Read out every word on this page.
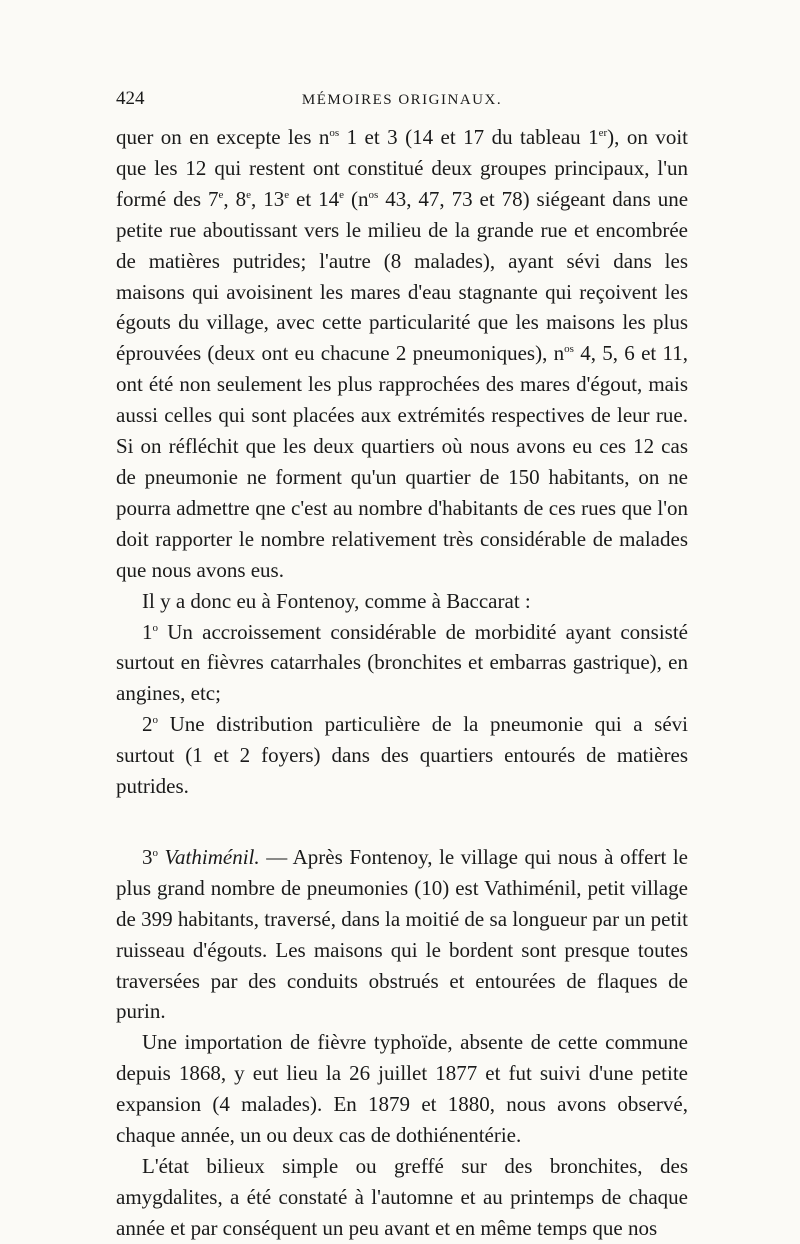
424	MÉMOIRES ORIGINAUX.

quer on en excepte les $n^{os}$ 1 et 3 (14 et 17 du tableau 1er), on voit que les 12 qui restent ont constitué deux groupes principaux, l'un formé des 7e, 8e, 13e et 14e ($n^{os}$ 43, 47, 73 et 78) siégeant dans une petite rue aboutissant vers le milieu de la grande rue et encombrée de matières putrides; l'autre (8 malades), ayant sévi dans les maisons qui avoisinent les mares d'eau stagnante qui reçoivent les égouts du village, avec cette particularité que les maisons les plus éprouvées (deux ont eu chacune 2 pneumoniques), $n^{os}$ 4, 5, 6 et 11, ont été non seulement les plus rapprochées des mares d'égout, mais aussi celles qui sont placées aux extrémités respectives de leur rue. Si on réfléchit que les deux quartiers où nous avons eu ces 12 cas de pneumonie ne forment qu'un quartier de 150 habitants, on ne pourra admettre qne c'est au nombre d'habitants de ces rues que l'on doit rapporter le nombre relativement très considérable de malades que nous avons eus.

Il y a donc eu à Fontenoy, comme à Baccarat :

1$^o$ Un accroissement considérable de morbidité ayant consisté surtout en fièvres catarrhales (bronchites et embarras gastrique), en angines, etc;

2$^o$ Une distribution particulière de la pneumonie qui a sévi surtout (1 et 2 foyers) dans des quartiers entourés de matières putrides.

3$^o$ Vathiménil. — Après Fontenoy, le village qui nous à offert le plus grand nombre de pneumonies (10) est Vathiménil, petit village de 399 habitants, traversé, dans la moitié de sa longueur par un petit ruisseau d'égouts. Les maisons qui le bordent sont presque toutes traversées par des conduits obstrués et entourées de flaques de purin.

Une importation de fièvre typhoïde, absente de cette commune depuis 1868, y eut lieu la 26 juillet 1877 et fut suivi d'une petite expansion (4 malades). En 1879 et 1880, nous avons observé, chaque année, un ou deux cas de dothiénentérie.

L'état bilieux simple ou greffé sur des bronchites, des amygdalites, a été constaté à l'automne et au printemps de chaque année et par conséquent un peu avant et en même temps que nos
